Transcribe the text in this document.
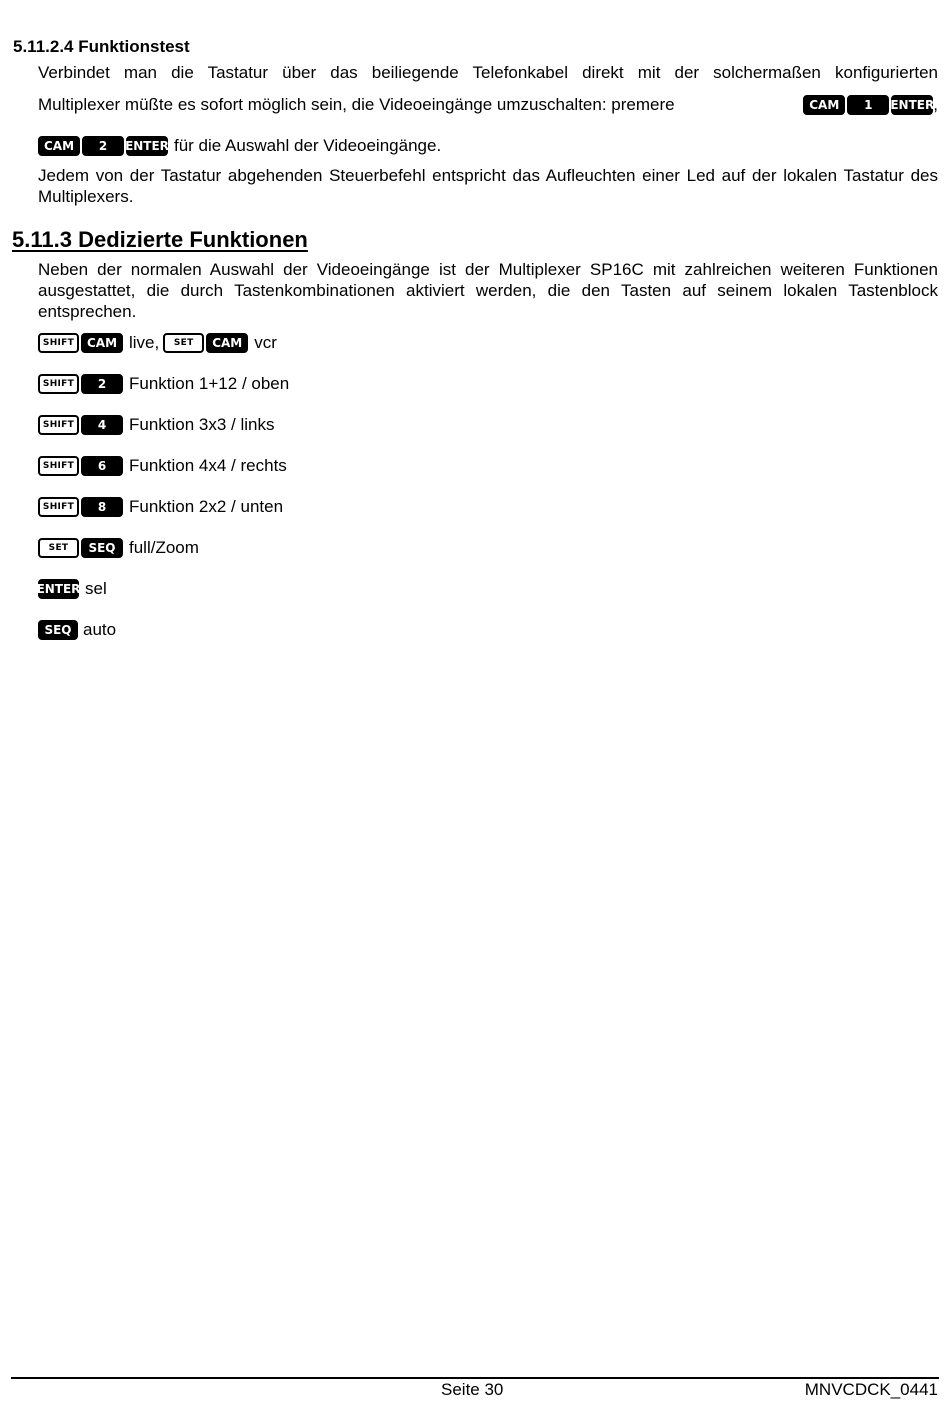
5.11.2.4 Funktionstest
Verbindet man die Tastatur über das beiliegende Telefonkabel direkt mit der solchermaßen konfigurierten
Multiplexer müßte es sofort möglich sein, die Videoeingänge umzuschalten: premere	CAM	1	ENTER ,
CAM	2	ENTER für die Auswahl der Videoeingänge.
Jedem von der Tastatur abgehenden Steuerbefehl entspricht das Aufleuchten einer Led auf der lokalen Tastatur des Multiplexers.
5.11.3 Dedizierte Funktionen
Neben der normalen Auswahl der Videoeingänge ist der Multiplexer SP16C mit zahlreichen weiteren Funktionen ausgestattet, die durch Tastenkombinationen aktiviert werden, die den Tasten auf seinem lokalen Tastenblock entsprechen.
SHIFT	CAM live,	SET	CAM vcr
SHIFT	2	Funktion 1+12 / oben
SHIFT	4	Funktion 3x3 / links
SHIFT	6	Funktion 4x4 / rechts
SHIFT	8	Funktion 2x2 / unten
SET	SEQ full/Zoom
ENTER sel
SEQ auto
Seite 30	MNVCDCK_0441
